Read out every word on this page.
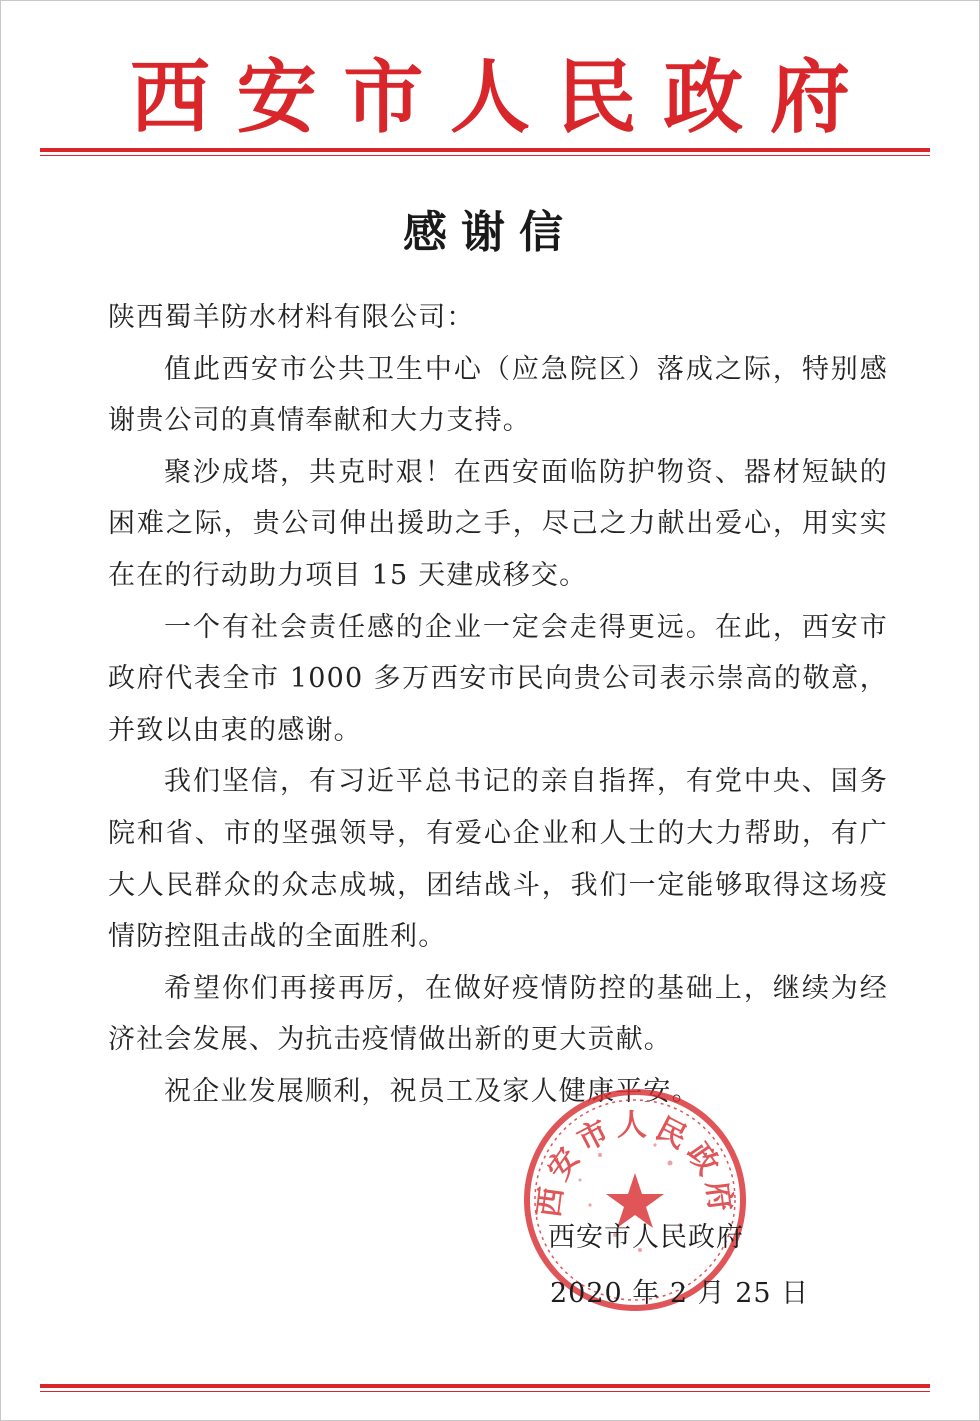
西 安 市 人 民 政 府
感谢信

陕西蜀羊防水材料有限公司：

值此西安市公共卫生中心（应急院区）落成之际，特别感谢贵公司的真情奉献和大力支持。

聚沙成塔，共克时艰！在西安面临防护物资、器材短缺的困难之际，贵公司伸出援助之手，尽己之力献出爱心，用实实在在的行动助力项目 15 天建成移交。

一个有社会责任感的企业一定会走得更远。在此，西安市政府代表全市 1000 多万西安市民向贵公司表示崇高的敬意，并致以由衷的感谢。

我们坚信，有习近平总书记的亲自指挥，有党中央、国务院和省、市的坚强领导，有爱心企业和人士的大力帮助，有广大人民群众的众志成城，团结战斗，我们一定能够取得这场疫情防控阻击战的全面胜利。

希望你们再接再厉，在做好疫情防控的基础上，继续为经济社会发展、为抗击疫情做出新的更大贡献。

祝企业发展顺利，祝员工及家人健康平安。

西安市人民政府
西安市人民政府
2020 年 2 月 25 日
